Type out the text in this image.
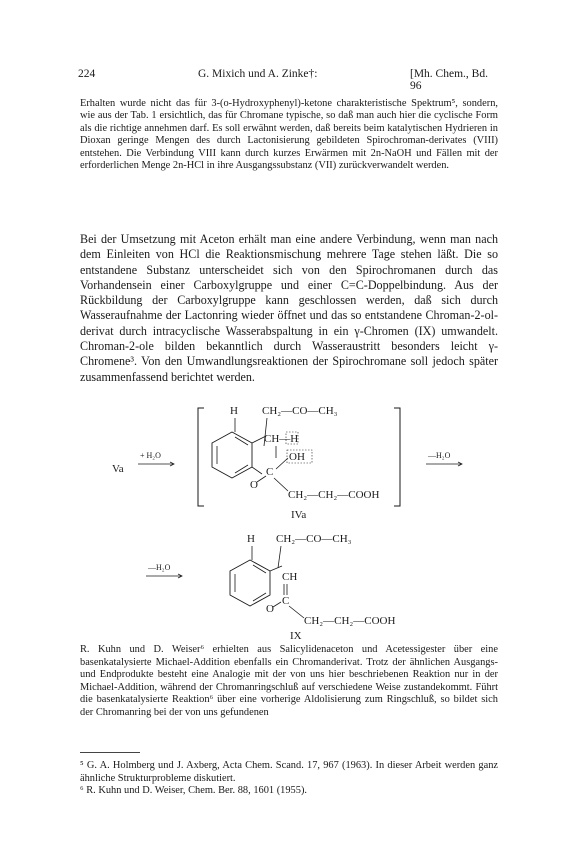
224	G. Mixich und A. Zinke†:	[Mh. Chem., Bd. 96
Erhalten wurde nicht das für 3-(o-Hydroxyphenyl)-ketone charakteristische Spektrum⁵, sondern, wie aus der Tab. 1 ersichtlich, das für Chromane typische, so daß man auch hier die cyclische Form als die richtige annehmen darf. Es soll erwähnt werden, daß bereits beim katalytischen Hydrieren in Dioxan geringe Mengen des durch Lactonisierung gebildeten Spirochroman-derivates (VIII) entstehen. Die Verbindung VIII kann durch kurzes Erwärmen mit 2n-NaOH und Fällen mit der erforderlichen Menge 2n-HCl in ihre Ausgangssubstanz (VII) zurückverwandelt werden.
Bei der Umsetzung mit Aceton erhält man eine andere Verbindung, wenn man nach dem Einleiten von HCl die Reaktionsmischung mehrere Tage stehen läßt. Die so entstandene Substanz unterscheidet sich von den Spirochromanen durch das Vorhandensein einer Carboxylgruppe und einer C=C-Doppelbindung. Aus der Rückbildung der Carboxylgruppe kann geschlossen werden, daß sich durch Wasseraufnahme der Lactonring wieder öffnet und das so entstandene Chroman-2-ol-derivat durch intracyclische Wasserabspaltung in ein γ-Chromen (IX) umwandelt. Chroman-2-ole bilden bekanntlich durch Wasseraustritt besonders leicht γ-Chromene³. Von den Umwandlungsreaktionen der Spirochromane soll jedoch später zusammenfassend berichtet werden.
Va
+ H₂O
H CH₂—CO—CH₃
CH—H
OH
C
O
CH₂—CH₂—COOH
IVa
—H₂O
—H₂O
H CH₂—CO—CH₃
CH
C
O
CH₂—CH₂—COOH
IX
R. Kuhn und D. Weiser⁶ erhielten aus Salicylidenaceton und Acetessigester über eine basenkatalysierte Michael-Addition ebenfalls ein Chromanderivat. Trotz der ähnlichen Ausgangs- und Endprodukte besteht eine Analogie mit der von uns hier beschriebenen Reaktion nur in der Michael-Addition, während der Chromanringschluß auf verschiedene Weise zustandekommt. Führt die basenkatalysierte Reaktion⁶ über eine vorherige Aldolisierung zum Ringschluß, so bildet sich der Chromanring bei der von uns gefundenen
⁵ G. A. Holmberg und J. Axberg, Acta Chem. Scand. 17, 967 (1963). In dieser Arbeit werden ganz ähnliche Strukturprobleme diskutiert.
⁶ R. Kuhn und D. Weiser, Chem. Ber. 88, 1601 (1955).
